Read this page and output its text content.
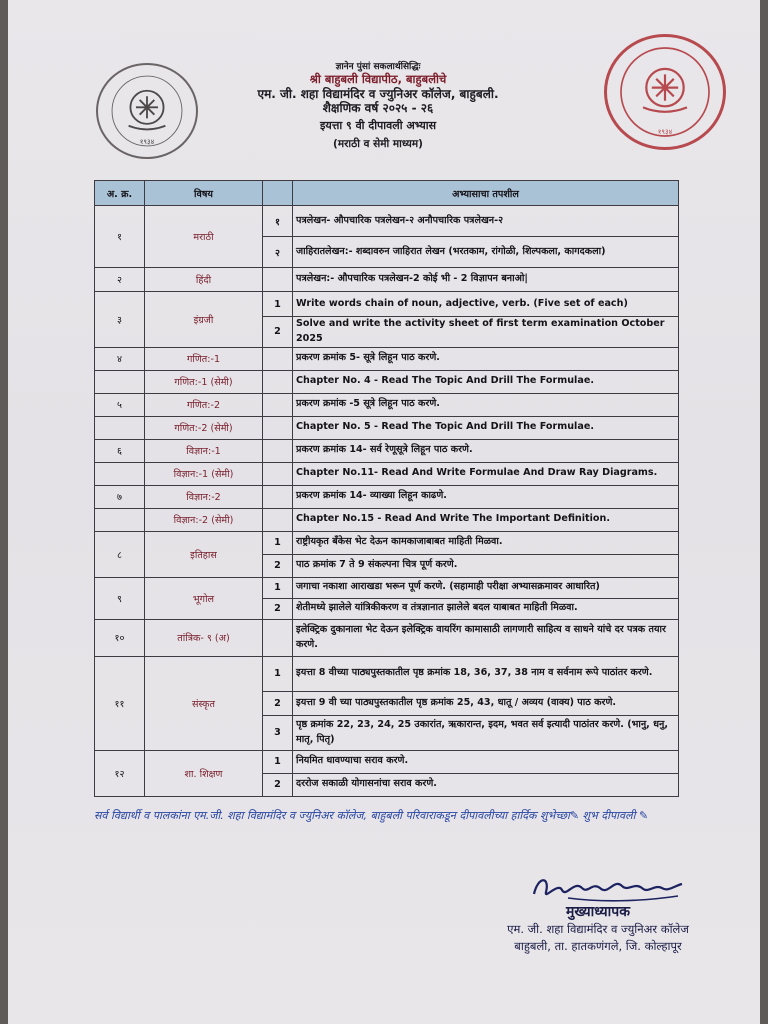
१९३४
१९३४
ज्ञानेन पुंसां सकलार्थसिद्धिः
श्री बाहुबली विद्यापीठ, बाहुबलीचे
एम. जी. शहा विद्यामंदिर व ज्युनिअर कॉलेज, बाहुबली.
शैक्षणिक वर्ष २०२५ - २६
इयत्ता ९ वी दीपावली अभ्यास
(मराठी व सेमी माध्यम)
अ. क्र.	विषय		अभ्यासाचा तपशील
१	मराठी	१	पत्रलेखन- औपचारिक पत्रलेखन-२ अनौपचारिक पत्रलेखन-२
		२	जाहिरातलेखन:- शब्दावरुन जाहिरात लेखन (भरतकाम, रांगोळी, शिल्पकला, कागदकला)
२	हिंदी		पत्रलेखन:- औपचारिक पत्रलेखन-2 कोई भी - 2 विज्ञापन बनाओ|
३	इंग्रजी	1	Write words chain of noun, adjective, verb. (Five set of each)
		2	Solve and write the activity sheet of first term examination October 2025
४	गणित:-1		प्रकरण क्रमांक 5- सूत्रे लिहून पाठ करणे.
	गणित:-1 (सेमी)		Chapter No. 4 - Read The Topic And Drill The Formulae.
५	गणित:-2		प्रकरण क्रमांक -5 सूत्रे लिहून पाठ करणे.
	गणित:-2 (सेमी)		Chapter No. 5 - Read The Topic And Drill The Formulae.
६	विज्ञान:-1		प्रकरण क्रमांक 14- सर्व रेणूसूत्रे लिहून पाठ करणे.
	विज्ञान:-1 (सेमी)		Chapter No.11- Read And Write Formulae And Draw Ray Diagrams.
७	विज्ञान:-2		प्रकरण क्रमांक 14- व्याख्या लिहून काढणे.
	विज्ञान:-2 (सेमी)		Chapter No.15 - Read And Write The Important Definition.
८	इतिहास	1	राष्ट्रीयकृत बँकेस भेट देऊन कामकाजाबाबत माहिती मिळवा.
		2	पाठ क्रमांक 7 ते 9 संकल्पना चित्र पूर्ण करणे.
९	भूगोल	1	जगाचा नकाशा आराखडा भरून पूर्ण करणे. (सहामाही परीक्षा अभ्यासक्रमावर आधारित)
		2	शेतीमध्ये झालेले यांत्रिकीकरण व तंत्रज्ञानात झालेले बदल याबाबत माहिती मिळवा.
१०	तांत्रिक- ९ (अ)		इलेक्ट्रिक दुकानाला भेट देऊन इलेक्ट्रिक वायरिंग कामासाठी लागणारी साहित्य व साधने यांचे दर पत्रक तयार करणे.
११	संस्कृत	1	इयत्ता 8 वीच्या पाठ्यपुस्तकातील पृष्ठ क्रमांक 18, 36, 37, 38 नाम व सर्वनाम रूपे पाठांतर करणे.
		2	इयत्ता 9 वी च्या पाठ्यपुस्तकातील पृष्ठ क्रमांक 25, 43, धातू / अव्यय (वाक्य) पाठ करणे.
		3	पृष्ठ क्रमांक 22, 23, 24, 25 उकारांत, ऋकारान्त, इदम, भवत सर्व इत्यादी पाठांतर करणे. (भानु, धनु, मातृ, पितृ)
१२	शा. शिक्षण	1	नियमित धावण्याचा सराव करणे.
		2	दररोज सकाळी योगासनांचा सराव करणे.
सर्व विद्यार्थी व पालकांना एम.जी. शहा विद्यामंदिर व ज्युनिअर कॉलेज, बाहुबली परिवाराकडून दीपावलीच्या हार्दिक शुभेच्छा✎ शुभ दीपावली ✎
मुख्याध्यापक
एम. जी. शहा विद्यामंदिर व ज्युनिअर कॉलेज
बाहुबली, ता. हातकणंगले, जि. कोल्हापूर
